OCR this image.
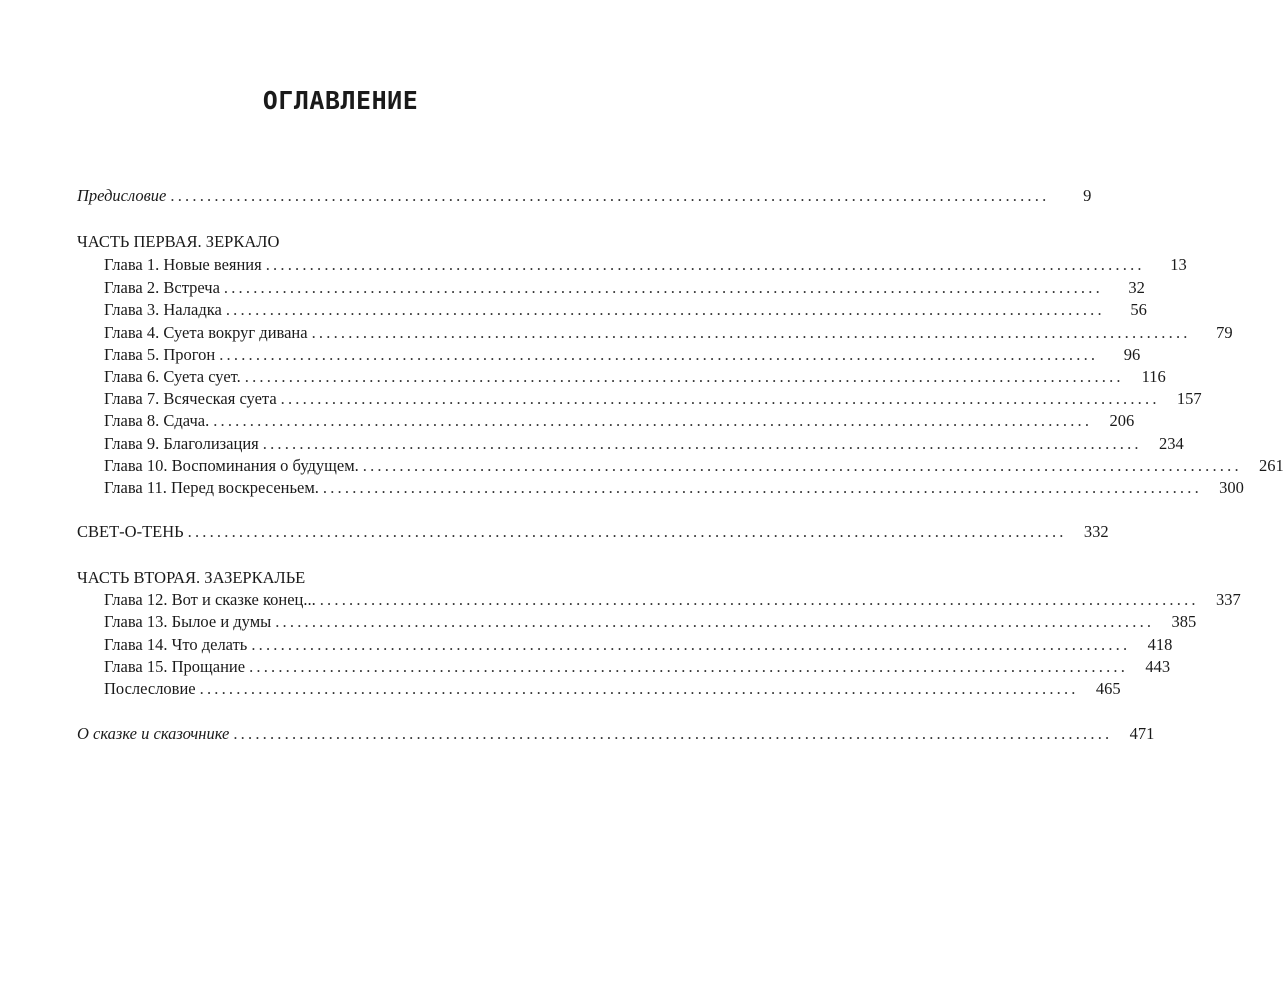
ОГЛАВЛЕНИЕ
Предисловие ........................................................................................................................	9
ЧАСТЬ ПЕРВАЯ. ЗЕРКАЛО
Глава 1. Новые веяния ........................................................................................................................	13
Глава 2. Встреча ........................................................................................................................	32
Глава 3. Наладка ........................................................................................................................	56
Глава 4. Суета вокруг дивана ........................................................................................................................	79
Глава 5. Прогон ........................................................................................................................	96
Глава 6. Суета сует. ........................................................................................................................	116
Глава 7. Всяческая суета ........................................................................................................................	157
Глава 8. Сдача. ........................................................................................................................	206
Глава 9. Благолизация ........................................................................................................................	234
Глава 10. Воспоминания о будущем. ........................................................................................................................	261
Глава 11. Перед воскресеньем. ........................................................................................................................	300
СВЕТ-О-ТЕНЬ ........................................................................................................................	332
ЧАСТЬ ВТОРАЯ. ЗАЗЕРКАЛЬЕ
Глава 12. Вот и сказке конец... ........................................................................................................................	337
Глава 13. Былое и думы ........................................................................................................................	385
Глава 14. Что делать ........................................................................................................................	418
Глава 15. Прощание ........................................................................................................................	443
Послесловие ........................................................................................................................	465
О сказке и сказочнике ........................................................................................................................	471
